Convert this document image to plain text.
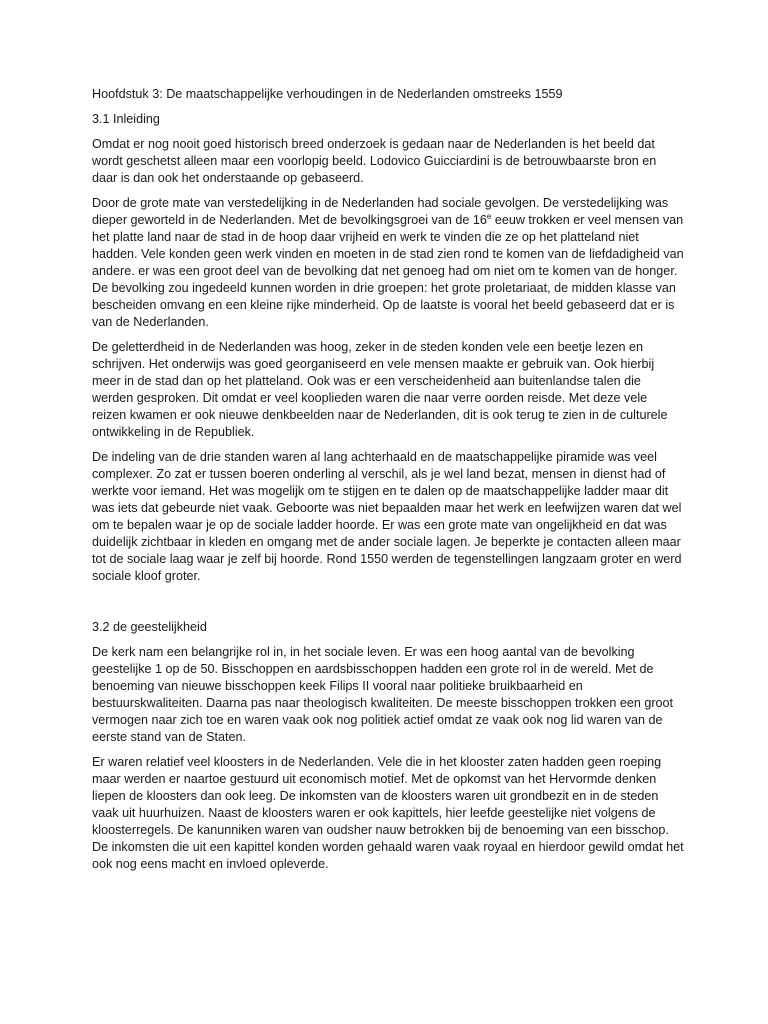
Hoofdstuk 3: De maatschappelijke verhoudingen in de Nederlanden omstreeks 1559

3.1 Inleiding

Omdat er nog nooit goed historisch breed onderzoek is gedaan naar de Nederlanden is het beeld dat wordt geschetst alleen maar een voorlopig beeld. Lodovico Guicciardini is de betrouwbaarste bron en daar is dan ook het onderstaande op gebaseerd.

Door de grote mate van verstedelijking in de Nederlanden had sociale gevolgen. De verstedelijking was dieper geworteld in de Nederlanden. Met de bevolkingsgroei van de 16e eeuw trokken er veel mensen van het platte land naar de stad in de hoop daar vrijheid en werk te vinden die ze op het platteland niet hadden. Vele konden geen werk vinden en moeten in de stad zien rond te komen van de liefdadigheid van andere. er was een groot deel van de bevolking dat net genoeg had om niet om te komen van de honger. De bevolking zou ingedeeld kunnen worden in drie groepen: het grote proletariaat, de midden klasse van bescheiden omvang en een kleine rijke minderheid. Op de laatste is vooral het beeld gebaseerd dat er is van de Nederlanden.

De geletterdheid in de Nederlanden was hoog, zeker in de steden konden vele een beetje lezen en schrijven. Het onderwijs was goed georganiseerd en vele mensen maakte er gebruik van. Ook hierbij meer in de stad dan op het platteland. Ook was er een verscheidenheid aan buitenlandse talen die werden gesproken. Dit omdat er veel kooplieden waren die naar verre oorden reisde. Met deze vele reizen kwamen er ook nieuwe denkbeelden naar de Nederlanden, dit is ook terug te zien in de culturele ontwikkeling in de Republiek.

De indeling van de drie standen waren al lang achterhaald en de maatschappelijke piramide was veel complexer. Zo zat er tussen boeren onderling al verschil, als je wel land bezat, mensen in dienst had of werkte voor iemand. Het was mogelijk om te stijgen en te dalen op de maatschappelijke ladder maar dit was iets dat gebeurde niet vaak. Geboorte was niet bepaalden maar het werk en leefwijzen waren dat wel om te bepalen waar je op de sociale ladder hoorde. Er was een grote mate van ongelijkheid en dat was duidelijk zichtbaar in kleden en omgang met de ander sociale lagen. Je beperkte je contacten alleen maar tot de sociale laag waar je zelf bij hoorde. Rond 1550 werden de tegenstellingen langzaam groter en werd sociale kloof groter.

3.2 de geestelijkheid

De kerk nam een belangrijke rol in, in het sociale leven. Er was een hoog aantal van de bevolking geestelijke 1 op de 50. Bisschoppen en aardsbisschoppen hadden een grote rol in de wereld. Met de benoeming van nieuwe bisschoppen keek Filips II vooral naar politieke bruikbaarheid en bestuurskwaliteiten. Daarna pas naar theologisch kwaliteiten. De meeste bisschoppen trokken een groot vermogen naar zich toe en waren vaak ook nog politiek actief omdat ze vaak ook nog lid waren van de eerste stand van de Staten.

Er waren relatief veel kloosters in de Nederlanden. Vele die in het klooster zaten hadden geen roeping maar werden er naartoe gestuurd uit economisch motief. Met de opkomst van het Hervormde denken liepen de kloosters dan ook leeg. De inkomsten van de kloosters waren uit grondbezit en in de steden vaak uit huurhuizen. Naast de kloosters waren er ook kapittels, hier leefde geestelijke niet volgens de kloosterregels. De kanunniken waren van oudsher nauw betrokken bij de benoeming van een bisschop. De inkomsten die uit een kapittel konden worden gehaald waren vaak royaal en hierdoor gewild omdat het ook nog eens macht en invloed opleverde.
